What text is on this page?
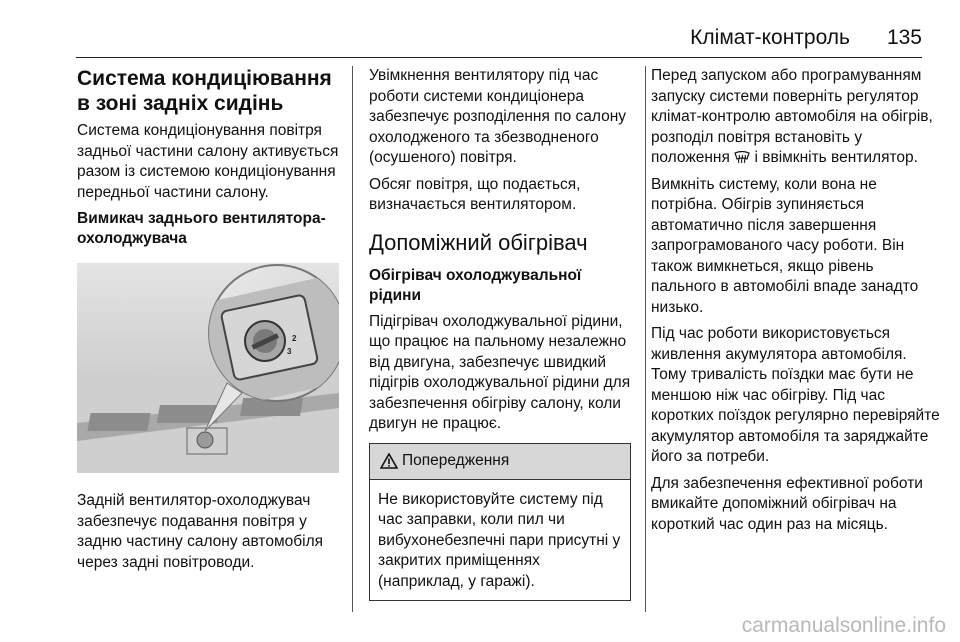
Клімат-контроль 135
Система кондиціювання в зоні задніх сидінь

Система кондиціонування повітря задньої частини салону активується разом із системою кондиціонування передньої частини салону.

Вимикач заднього вентилятора-охолоджувача
2
3

Задній вентилятор-охолоджувач забезпечує подавання повітря у задню частину салону автомобіля через задні повітроводи.

Увімкнення вентилятору під час роботи системи кондиціонера забезпечує розподілення по салону охолодженого та збезводненого (осушеного) повітря.

Обсяг повітря, що подається, визначається вентилятором.

Допоміжний обігрівач
Обігрівач охолоджувальної рідини

Підігрівач охолоджувальної рідини, що працює на пальному незалежно від двигуна, забезпечує швидкий підігрів охолоджувальної рідини для забезпечення обігріву салону, коли двигун не працює.

Попередження
Не використовуйте систему під час заправки, коли пил чи вибухонебезпечні пари присутні у закритих приміщеннях (наприклад, у гаражі).

Перед запуском або програмуванням запуску системи поверніть регулятор клімат-контролю автомобіля на обігрів, розподіл повітря встановіть у положення і ввімкніть вентилятор.

Вимкніть систему, коли вона не потрібна. Обігрів зупиняється автоматично після завершення запрограмованого часу роботи. Він також вимкнеться, якщо рівень пального в автомобілі впаде занадто низько.

Під час роботи використовується живлення акумулятора автомобіля. Тому тривалість поїздки має бути не меншою ніж час обігріву. Під час коротких поїздок регулярно перевіряйте акумулятор автомобіля та заряджайте його за потреби.

Для забезпечення ефективної роботи вмикайте допоміжний обігрівач на короткий час один раз на місяць.

carmanualsonline.info
